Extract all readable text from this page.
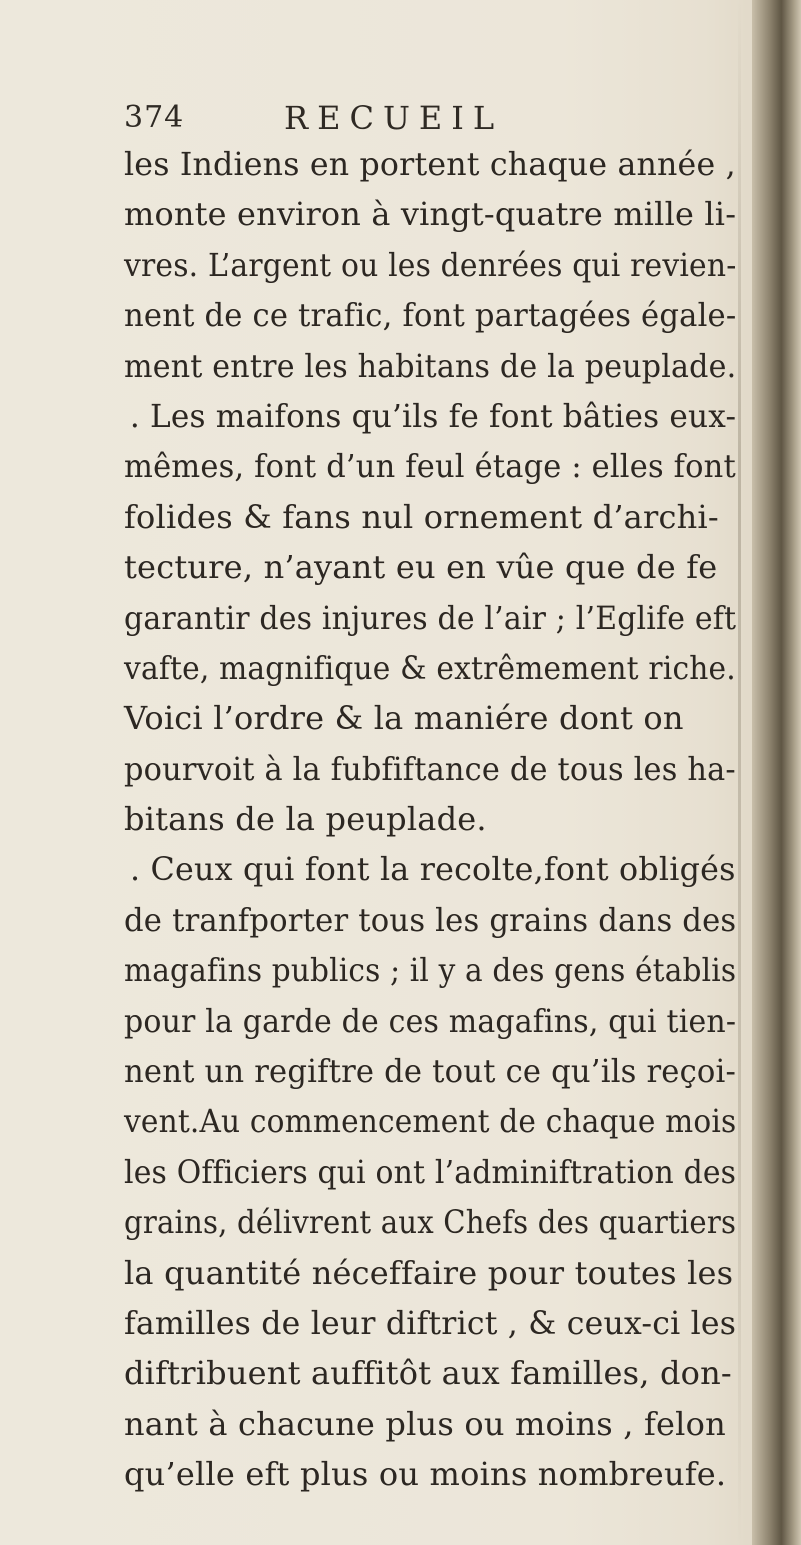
374	RECUEIL
les Indiens en portent chaque année ,
monte environ à vingt-quatre mille li-
vres. L’argent ou les denrées qui revien-
nent de ce trafic, font partagées égale-
ment entre les habitans de la peuplade.
. Les maifons qu’ils fe font bâties eux-
mêmes, font d’un feul étage : elles font
folides & fans nul ornement d’archi-
tecture, n’ayant eu en vûe que de fe
garantir des injures de l’air ; l’Eglife eft
vafte, magnifique & extrêmement riche.
Voici l’ordre & la maniére dont on
pourvoit à la fubfiftance de tous les ha-
bitans de la peuplade.
. Ceux qui font la recolte,font obligés
de tranfporter tous les grains dans des
magafins publics ; il y a des gens établis
pour la garde de ces magafins, qui tien-
nent un regiftre de tout ce qu’ils reçoi-
vent.Au commencement de chaque mois
les Officiers qui ont l’adminiftration des
grains, délivrent aux Chefs des quartiers
la quantité néceffaire pour toutes les
familles de leur diftrict , & ceux-ci les
diftribuent auffitôt aux familles, don-
nant à chacune plus ou moins , felon
qu’elle eft plus ou moins nombreufe.
